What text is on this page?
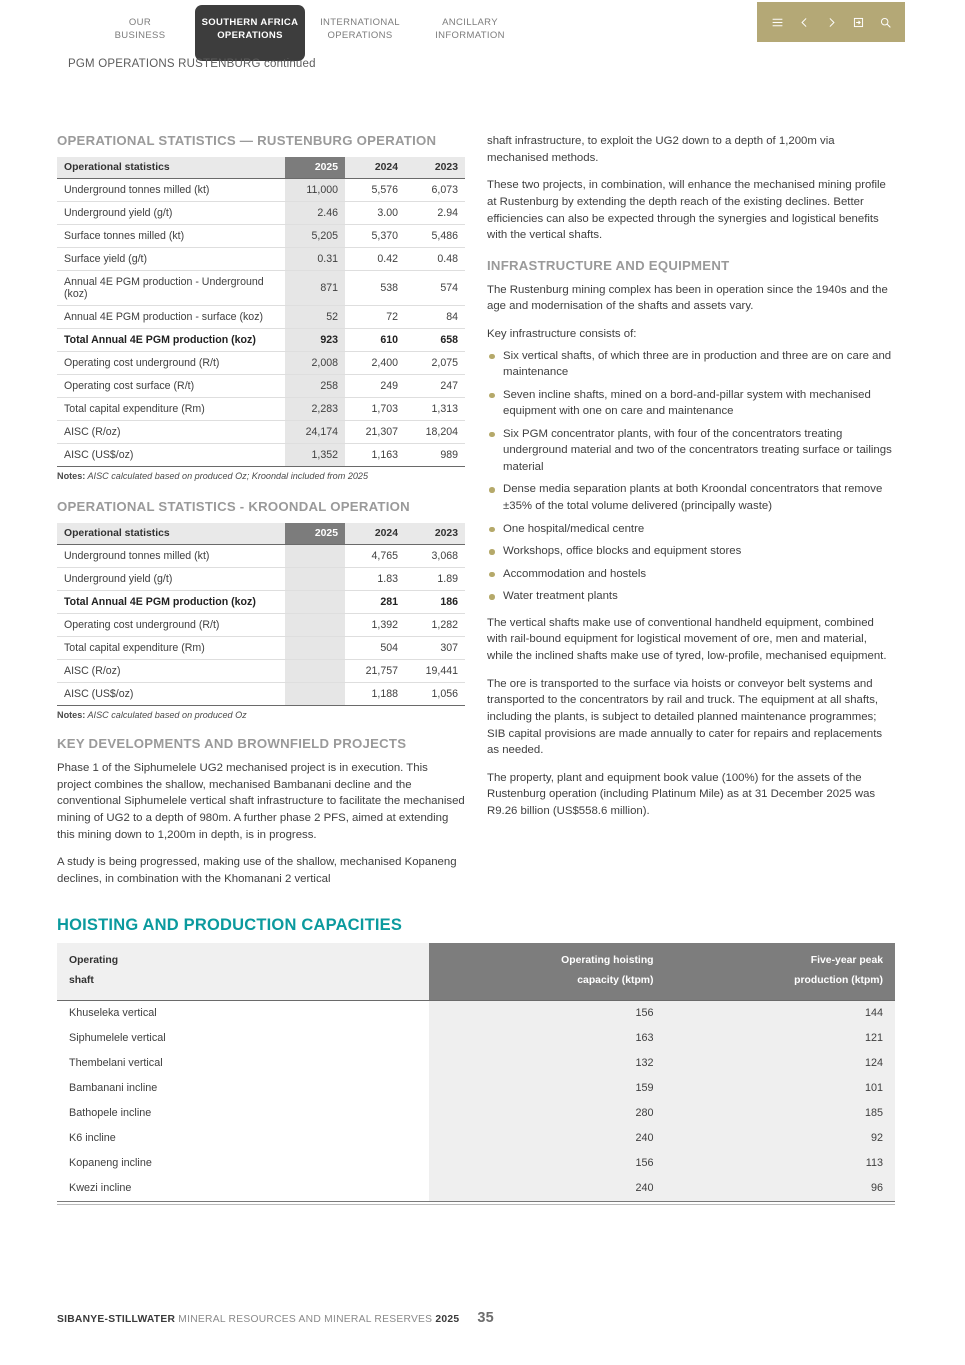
OUR
BUSINESS
SOUTHERN AFRICA
OPERATIONS
INTERNATIONAL
OPERATIONS
ANCILLARY
INFORMATION
PGM OPERATIONS RUSTENBURG continued
OPERATIONAL STATISTICS — RUSTENBURG OPERATION
Operational statistics	2025	2024	2023
Underground tonnes milled (kt)	11,000	5,576	6,073
Underground yield (g/t)	2.46	3.00	2.94
Surface tonnes milled (kt)	5,205	5,370	5,486
Surface yield (g/t)	0.31	0.42	0.48
Annual 4E PGM production - Underground (koz)	871	538	574
Annual 4E PGM production - surface (koz)	52	72	84
Total Annual 4E PGM production (koz)	923	610	658
Operating cost underground (R/t)	2,008	2,400	2,075
Operating cost surface (R/t)	258	249	247
Total capital expenditure (Rm)	2,283	1,703	1,313
AISC (R/oz)	24,174	21,307	18,204
AISC (US$/oz)	1,352	1,163	989
Notes: AISC calculated based on produced Oz; Kroondal included from 2025
OPERATIONAL STATISTICS - KROONDAL OPERATION
Operational statistics	2025	2024	2023
Underground tonnes milled (kt)		4,765	3,068
Underground yield (g/t)		1.83	1.89
Total Annual 4E PGM production (koz)		281	186
Operating cost underground (R/t)		1,392	1,282
Total capital expenditure (Rm)		504	307
AISC (R/oz)		21,757	19,441
AISC (US$/oz)		1,188	1,056
Notes: AISC calculated based on produced Oz
KEY DEVELOPMENTS AND BROWNFIELD PROJECTS

Phase 1 of the Siphumelele UG2 mechanised project is in execution. This project combines the shallow, mechanised Bambanani decline and the conventional Siphumelele vertical shaft infrastructure to facilitate the mechanised mining of UG2 to a depth of 980m. A further phase 2 PFS, aimed at extending this mining down to 1,200m in depth, is in progress.

A study is being progressed, making use of the shallow, mechanised Kopaneng declines, in combination with the Khomanani 2 vertical

shaft infrastructure, to exploit the UG2 down to a depth of 1,200m via mechanised methods.

These two projects, in combination, will enhance the mechanised mining profile at Rustenburg by extending the depth reach of the existing declines. Better efficiencies can also be expected through the synergies and logistical benefits with the vertical shafts.

INFRASTRUCTURE AND EQUIPMENT

The Rustenburg mining complex has been in operation since the 1940s and the age and modernisation of the shafts and assets vary.

Key infrastructure consists of:

Six vertical shafts, of which three are in production and three are on care and maintenance
Seven incline shafts, mined on a bord-and-pillar system with mechanised equipment with one on care and maintenance
Six PGM concentrator plants, with four of the concentrators treating underground material and two of the concentrators treating surface or tailings material
Dense media separation plants at both Kroondal concentrators that remove ±35% of the total volume delivered (principally waste)
One hospital/medical centre
Workshops, office blocks and equipment stores
Accommodation and hostels
Water treatment plants

The vertical shafts make use of conventional handheld equipment, combined with rail-bound equipment for logistical movement of ore, men and material, while the inclined shafts make use of tyred, low-profile, mechanised equipment.

The ore is transported to the surface via hoists or conveyor belt systems and transported to the concentrators by rail and truck. The equipment at all shafts, including the plants, is subject to detailed planned maintenance programmes; SIB capital provisions are made annually to cater for repairs and replacements as needed.

The property, plant and equipment book value (100%) for the assets of the Rustenburg operation (including Platinum Mile) as at 31 December 2025 was R9.26 billion (US$558.6 million).

HOISTING AND PRODUCTION CAPACITIES
Operating
shaft

Operating hoisting
capacity (ktpm)

Five-year peak
production (ktpm)

Khuseleka vertical	156	144
Siphumelele vertical	163	121
Thembelani vertical	132	124
Bambanani incline	159	101
Bathopele incline	280	185
K6 incline	240	92
Kopaneng incline	156	113
Kwezi incline	240	96
SIBANYE-STILLWATER MINERAL RESOURCES AND MINERAL RESERVES 2025 35
